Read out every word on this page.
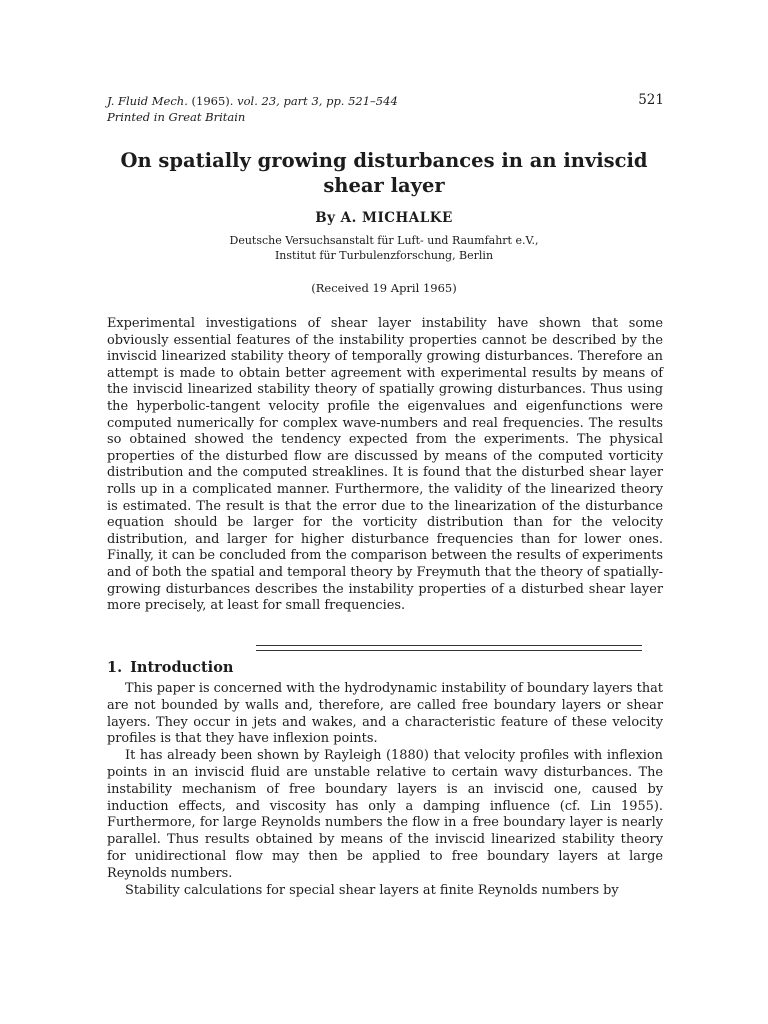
J. Fluid Mech. (1965). vol. 23, part 3, pp. 521–544	521
Printed in Great Britain
On spatially growing disturbances in an inviscid
shear layer
By A. MICHALKE
Deutsche Versuchsanstalt für Luft- und Raumfahrt e.V.,
Institut für Turbulenzforschung, Berlin
(Received 19 April 1965)
Experimental investigations of shear layer instability have shown that some obviously essential features of the instability properties cannot be described by the inviscid linearized stability theory of temporally growing disturbances. Therefore an attempt is made to obtain better agreement with experimental results by means of the inviscid linearized stability theory of spatially growing disturbances. Thus using the hyperbolic-tangent velocity profile the eigenvalues and eigenfunctions were computed numerically for complex wave-numbers and real frequencies. The results so obtained showed the tendency expected from the experiments. The physical properties of the disturbed flow are discussed by means of the computed vorticity distribution and the computed streaklines. It is found that the disturbed shear layer rolls up in a complicated manner. Furthermore, the validity of the linearized theory is estimated. The result is that the error due to the linearization of the disturbance equation should be larger for the vorticity distribution than for the velocity distribution, and larger for higher disturbance frequencies than for lower ones. Finally, it can be concluded from the comparison between the results of experiments and of both the spatial and temporal theory by Freymuth that the theory of spatially-growing disturbances describes the instability properties of a disturbed shear layer more precisely, at least for small frequencies.
1. Introduction

This paper is concerned with the hydrodynamic instability of boundary layers that are not bounded by walls and, therefore, are called free boundary layers or shear layers. They occur in jets and wakes, and a characteristic feature of these velocity profiles is that they have inflexion points.

It has already been shown by Rayleigh (1880) that velocity profiles with inflexion points in an inviscid fluid are unstable relative to certain wavy disturbances. The instability mechanism of free boundary layers is an inviscid one, caused by induction effects, and viscosity has only a damping influence (cf. Lin 1955). Furthermore, for large Reynolds numbers the flow in a free boundary layer is nearly parallel. Thus results obtained by means of the inviscid linearized stability theory for unidirectional flow may then be applied to free boundary layers at large Reynolds numbers.

Stability calculations for special shear layers at finite Reynolds numbers by
